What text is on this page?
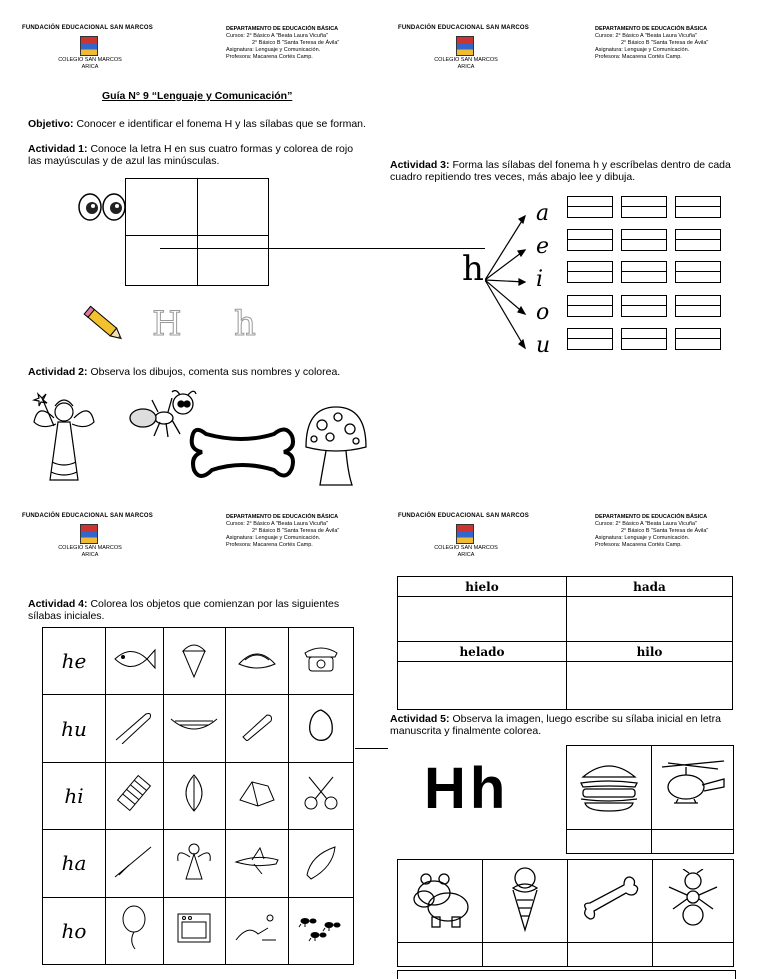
FUNDACIÓN EDUCACIONAL SAN MARCOS
COLEGIO SAN MARCOS
ARICA
DEPARTAMENTO DE EDUCACIÓN BÁSICA
Cursos: 2° Básico A "Beata Laura Vicuña"
2° Básico B "Santa Teresa de Ávila"
Asignatura: Lenguaje y Comunicación.
Profesora: Macarena Cortés Camp.
FUNDACIÓN EDUCACIONAL SAN MARCOS
COLEGIO SAN MARCOS
ARICA
DEPARTAMENTO DE EDUCACIÓN BÁSICA
Cursos: 2° Básico A "Beata Laura Vicuña"
2° Básico B "Santa Teresa de Ávila"
Asignatura: Lenguaje y Comunicación.
Profesora: Macarena Cortés Camp.
Guía N° 9 “Lenguaje y Comunicación”
Objetivo: Conocer e identificar el fonema H y las sílabas que se forman.
Actividad 1: Conoce la letra H en sus cuatro formas y colorea de rojo las mayúsculas y de azul las minúsculas.
H h
Actividad 2: Observa los dibujos, comenta sus nombres y colorea.
Actividad 3: Forma las sílabas del fonema h y escríbelas dentro de cada cuadro repitiendo tres veces, más abajo lee y dibuja.
h
a
e
i
o
u
FUNDACIÓN EDUCACIONAL SAN MARCOS
COLEGIO SAN MARCOS
ARICA
DEPARTAMENTO DE EDUCACIÓN BÁSICA
Cursos: 2° Básico A "Beata Laura Vicuña"
2° Básico B "Santa Teresa de Ávila"
Asignatura: Lenguaje y Comunicación.
Profesora: Macarena Cortés Camp.
FUNDACIÓN EDUCACIONAL SAN MARCOS
COLEGIO SAN MARCOS
ARICA
DEPARTAMENTO DE EDUCACIÓN BÁSICA
Cursos: 2° Básico A "Beata Laura Vicuña"
2° Básico B "Santa Teresa de Ávila"
Asignatura: Lenguaje y Comunicación.
Profesora: Macarena Cortés Camp.
Actividad 4: Colorea los objetos que comienzan por las siguientes sílabas iniciales.
he				
hu				
hi				
ha				
ho				
hielo	hada

helado	hilo

Actividad 5: Observa la imagen, luego escribe su sílaba inicial en letra manuscrita y finalmente colorea.
Hh
